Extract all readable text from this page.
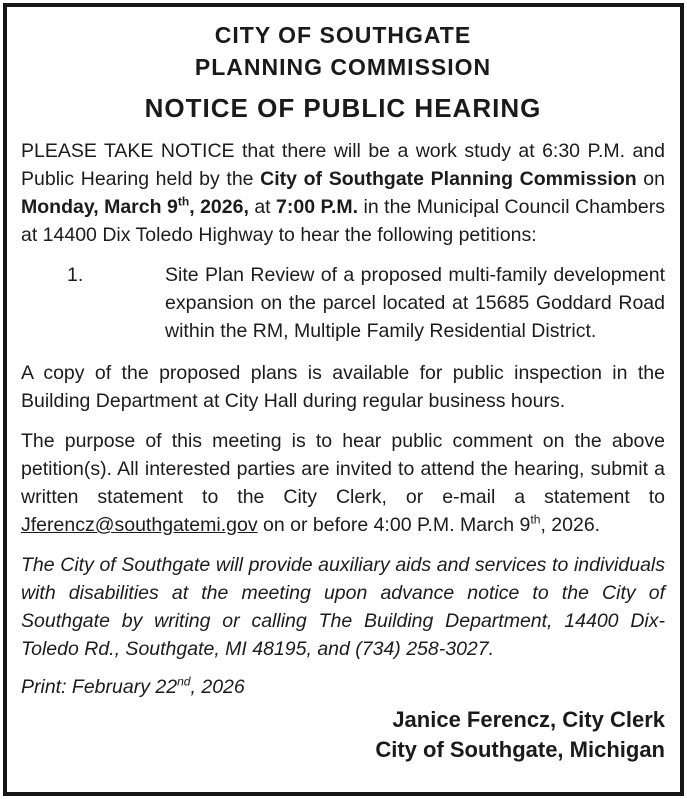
CITY OF SOUTHGATE
PLANNING COMMISSION
NOTICE OF PUBLIC HEARING
PLEASE TAKE NOTICE that there will be a work study at 6:30 P.M. and Public Hearing held by the City of Southgate Planning Commission on Monday, March 9th, 2026, at 7:00 P.M. in the Municipal Council Chambers at 14400 Dix Toledo Highway to hear the following petitions:
1.	Site Plan Review of a proposed multi-family development expansion on the parcel located at 15685 Goddard Road within the RM, Multiple Family Residential District.
A copy of the proposed plans is available for public inspection in the Building Department at City Hall during regular business hours.
The purpose of this meeting is to hear public comment on the above petition(s). All interested parties are invited to attend the hearing, submit a written statement to the City Clerk, or e-mail a statement to Jferencz@southgatemi.gov on or before 4:00 P.M. March 9th, 2026.
The City of Southgate will provide auxiliary aids and services to individuals with disabilities at the meeting upon advance notice to the City of Southgate by writing or calling The Building Department, 14400 Dix-Toledo Rd., Southgate, MI 48195, and (734) 258-3027.
Print: February 22nd, 2026
Janice Ferencz, City Clerk
City of Southgate, Michigan
